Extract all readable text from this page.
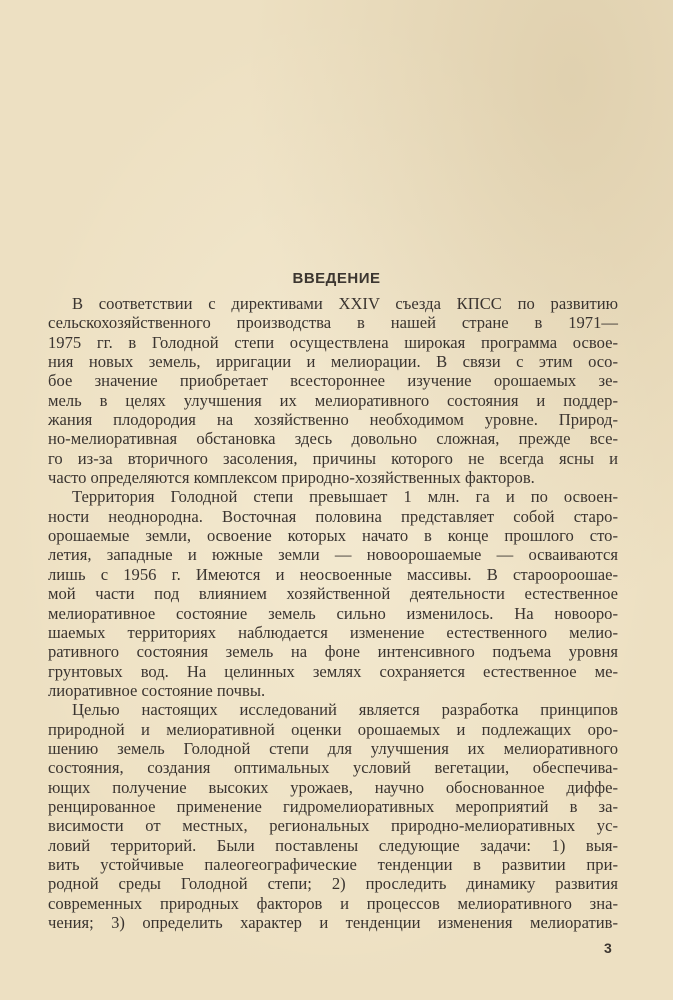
ВВЕДЕНИЕ
В соответствии с директивами XXIV съезда КПСС по развитию
сельскохозяйственного производства в нашей стране в 1971—
1975 гг. в Голодной степи осуществлена широкая программа освое-
ния новых земель, ирригации и мелиорации. В связи с этим осо-
бое значение приобретает всестороннее изучение орошаемых зе-
мель в целях улучшения их мелиоративного состояния и поддер-
жания плодородия на хозяйственно необходимом уровне. Природ-
но-мелиоративная обстановка здесь довольно сложная, прежде все-
го из-за вторичного засоления, причины которого не всегда ясны и
часто определяются комплексом природно-хозяйственных факторов.
Территория Голодной степи превышает 1 млн. га и по освоен-
ности неоднородна. Восточная половина представляет собой старо-
орошаемые земли, освоение которых начато в конце прошлого сто-
летия, западные и южные земли — новоорошаемые — осваиваются
лишь с 1956 г. Имеются и неосвоенные массивы. В староороошае-
мой части под влиянием хозяйственной деятельности естественное
мелиоративное состояние земель сильно изменилось. На новооро-
шаемых территориях наблюдается изменение естественного мелио-
ративного состояния земель на фоне интенсивного подъема уровня
грунтовых вод. На целинных землях сохраняется естественное ме-
лиоративное состояние почвы.
Целью настоящих исследований является разработка принципов
природной и мелиоративной оценки орошаемых и подлежащих оро-
шению земель Голодной степи для улучшения их мелиоративного
состояния, создания оптимальных условий вегетации, обеспечива-
ющих получение высоких урожаев, научно обоснованное диффе-
ренцированное применение гидромелиоративных мероприятий в за-
висимости от местных, региональных природно-мелиоративных ус-
ловий территорий. Были поставлены следующие задачи: 1) выя-
вить устойчивые палеогеографические тенденции в развитии при-
родной среды Голодной степи; 2) проследить динамику развития
современных природных факторов и процессов мелиоративного зна-
чения; 3) определить характер и тенденции изменения мелиоратив-
3
